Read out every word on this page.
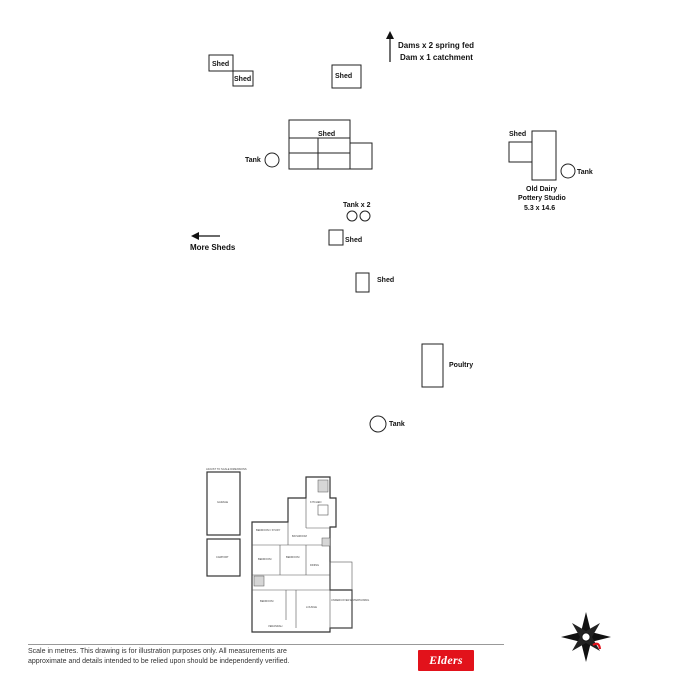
Dams x 2 spring fed
Dam x 1 catchment
Shed
Shed	Shed
Shed
Tank
Shed
Tank
Old Dairy
Pottery Studio
5.3 x 14.6
Tank x 2
Shed
More Sheds
Shed
Poultry
Tank
ADJUST TO SCALE DIMENSIONS
GARAGE
CARPORT
KITCHEN
BEDROOM / STUDY
BATHROOM
BEDROOM
BEDROOM
DINING
BEDROOM
LOUNGE
VERANDAH
UNDERCOVER ENTERTAINING
Scale in metres. This drawing is for illustration purposes only. All measurements are
approximate and details intended to be relied upon should be independently verified.	Elders
